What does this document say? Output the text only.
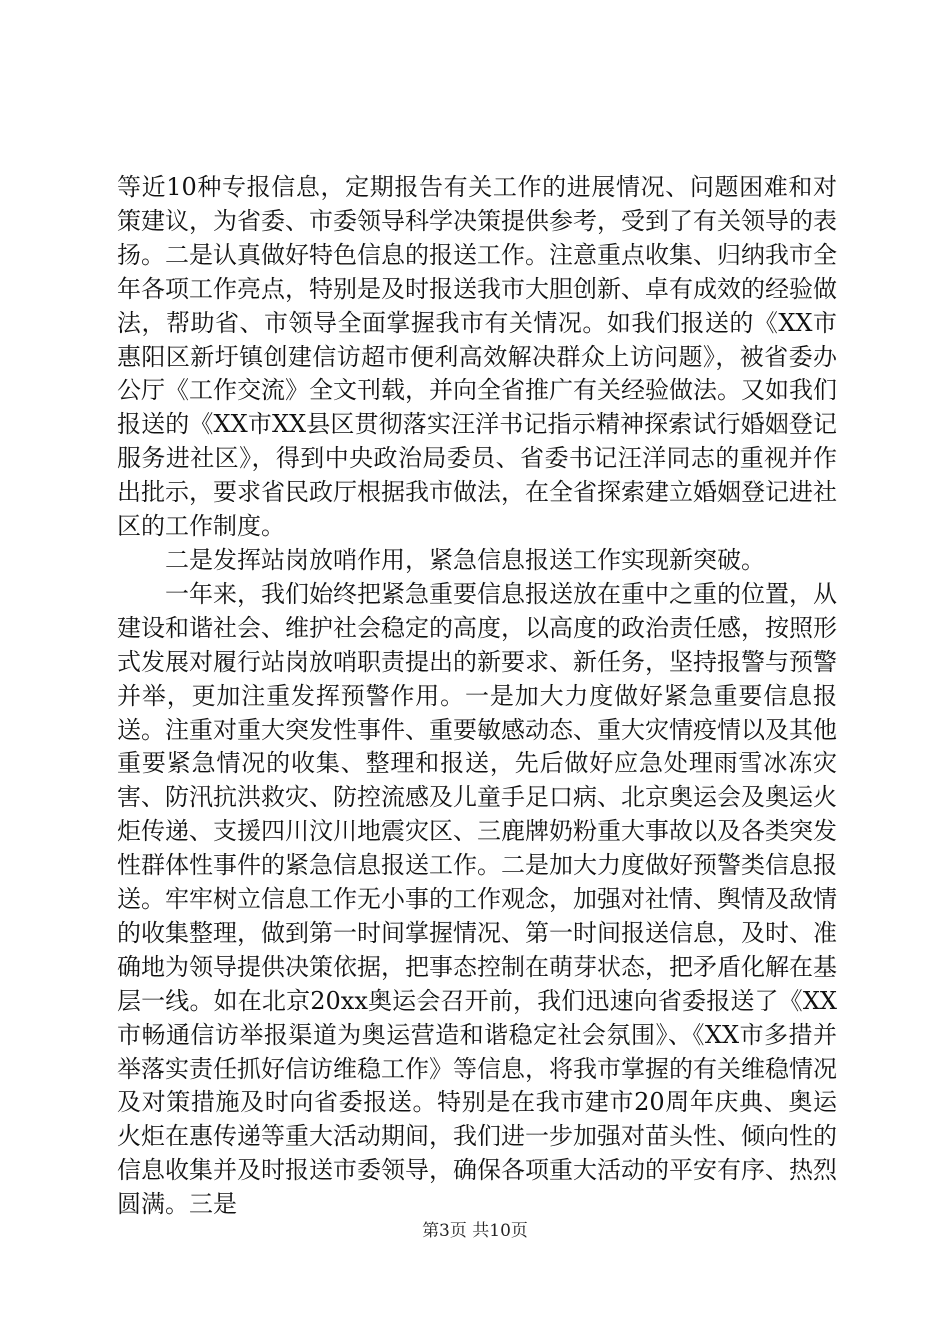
等近10种专报信息，定期报告有关工作的进展情况、问题困难和对策建议，为省委、市委领导科学决策提供参考，受到了有关领导的表扬。二是认真做好特色信息的报送工作。注意重点收集、归纳我市全年各项工作亮点，特别是及时报送我市大胆创新、卓有成效的经验做法，帮助省、市领导全面掌握我市有关情况。如我们报送的《XX市惠阳区新圩镇创建信访超市便利高效解决群众上访问题》，被省委办公厅《工作交流》全文刊载，并向全省推广有关经验做法。又如我们报送的《XX市XX县区贯彻落实汪洋书记指示精神探索试行婚姻登记服务进社区》，得到中央政治局委员、省委书记汪洋同志的重视并作出批示，要求省民政厅根据我市做法，在全省探索建立婚姻登记进社区的工作制度。

二是发挥站岗放哨作用，紧急信息报送工作实现新突破。

一年来，我们始终把紧急重要信息报送放在重中之重的位置，从建设和谐社会、维护社会稳定的高度，以高度的政治责任感，按照形式发展对履行站岗放哨职责提出的新要求、新任务，坚持报警与预警并举，更加注重发挥预警作用。一是加大力度做好紧急重要信息报送。注重对重大突发性事件、重要敏感动态、重大灾情疫情以及其他重要紧急情况的收集、整理和报送，先后做好应急处理雨雪冰冻灾害、防汛抗洪救灾、防控流感及儿童手足口病、北京奥运会及奥运火炬传递、支援四川汶川地震灾区、三鹿牌奶粉重大事故以及各类突发性群体性事件的紧急信息报送工作。二是加大力度做好预警类信息报送。牢牢树立信息工作无小事的工作观念，加强对社情、舆情及敌情的收集整理，做到第一时间掌握情况、第一时间报送信息，及时、准确地为领导提供决策依据，把事态控制在萌芽状态，把矛盾化解在基层一线。如在北京20xx奥运会召开前，我们迅速向省委报送了《XX市畅通信访举报渠道为奥运营造和谐稳定社会氛围》、《XX市多措并举落实责任抓好信访维稳工作》等信息，将我市掌握的有关维稳情况及对策措施及时向省委报送。特别是在我市建市20周年庆典、奥运火炬在惠传递等重大活动期间，我们进一步加强对苗头性、倾向性的信息收集并及时报送市委领导，确保各项重大活动的平安有序、热烈圆满。三是

第3页 共10页
